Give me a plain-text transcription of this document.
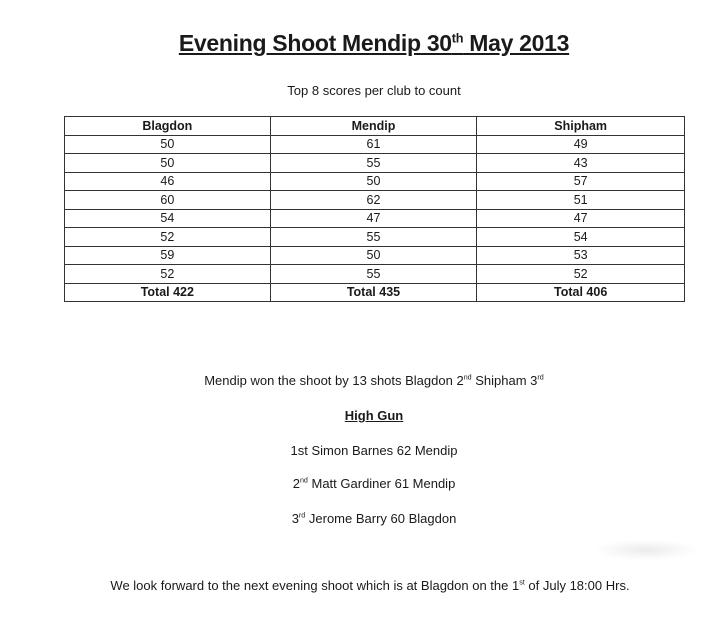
Evening Shoot Mendip 30th May 2013
Top 8 scores per club to count
Blagdon	Mendip	Shipham
50	61	49
50	55	43
46	50	57
60	62	51
54	47	47
52	55	54
59	50	53
52	55	52
Total 422	Total 435	Total 406
Mendip won the shoot by 13 shots Blagdon 2nd Shipham 3rd
High Gun
1st Simon Barnes 62 Mendip
2nd Matt Gardiner 61 Mendip
3rd Jerome Barry 60 Blagdon
We look forward to the next evening shoot which is at Blagdon on the 1st of July 18:00 Hrs.
